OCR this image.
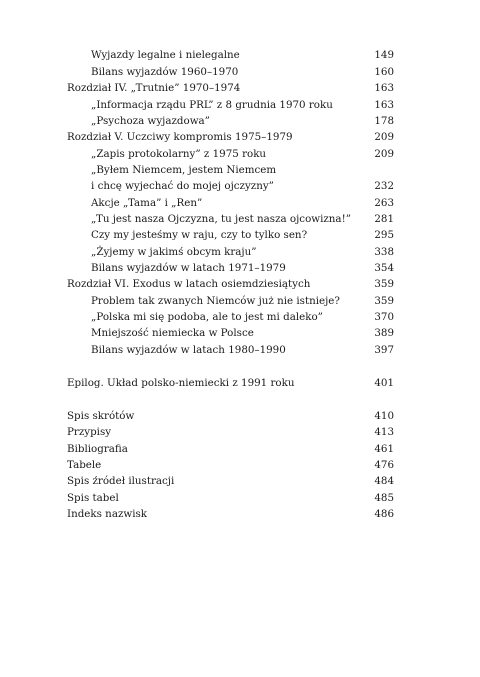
Wyjazdy legalne i nielegalne	149
Bilans wyjazdów 1960–1970	160
Rozdział IV. „Trutnie” 1970–1974	163
„Informacja rządu PRL” z 8 grudnia 1970 roku	163
„Psychoza wyjazdowa”	178
Rozdział V. Uczciwy kompromis 1975–1979	209
„Zapis protokolarny” z 1975 roku	209
„Byłem Niemcem, jestem Niemcem
i chcę wyjechać do mojej ojczyzny”	232
Akcje „Tama” i „Ren”	263
„Tu jest nasza Ojczyzna, tu jest nasza ojcowizna!” 281
Czy my jesteśmy w raju, czy to tylko sen?	295
„Żyjemy w jakimś obcym kraju”	338
Bilans wyjazdów w latach 1971–1979	354
Rozdział VI. Exodus w latach osiemdziesiątych	359
Problem tak zwanych Niemców już nie istnieje?	359
„Polska mi się podoba, ale to jest mi daleko”	370
Mniejszość niemiecka w Polsce	389
Bilans wyjazdów w latach 1980–1990	397
Epilog. Układ polsko-niemiecki z 1991 roku	401
Spis skrótów	410
Przypisy	413
Bibliografia	461
Tabele	476
Spis źródeł ilustracji	484
Spis tabel	485
Indeks nazwisk	486
